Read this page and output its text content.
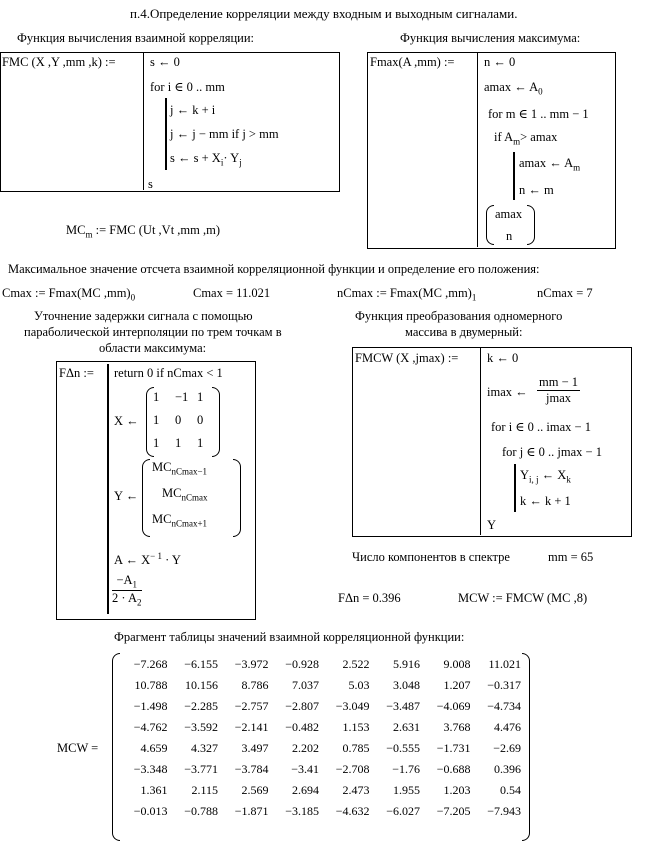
п.4.Определение корреляции между входным и выходным сигналами.
Функция вычисления взаимной корреляции:
FMC (X ,Y ,mm ,k) :=	s ← 0
for i ∈ 0 .. mm
j ← k + i
j ← j − mm if j > mm
s ← $s + X_i\cdot Y_j$
s
Функция вычисления максимума:
Fmax(A ,mm) := n ← 0
amax ← $A_0$
for m ∈ 1 .. mm − 1
if $A_m> amax$
amax ← $A_m$
n ← m
amax
n
$MC_m$ := FMC (Ut ,Vt ,mm ,m)
Максимальное значение отсчета взаимной корреляционной функции и определение его положения:
Cmax := Fmax(MC $,mm)_0$	Cmax = 11.021	nCmax := Fmax(MC $,mm)_1$	nCmax = 7
Уточнение задержки сигнала с помощью
параболической интерполяции по трем точкам в
области максимума:
FΔn := return 0 if nCmax < 1
X ←
1 −1 1
1 0 0
1 1 1
Y ←
$MC_{nCmax-1}$
$MC_{nCmax}$
$MC_{nCmax+1}$
A ← $X^{- 1} \cdot Y$
$\frac{-A_1}{2 \cdot A_2}$
Функция преобразования одномерного
массива в двумерный:
FMCW (X ,jmax) := k ← 0
imax ←
mm − 1
jmax
for i ∈ 0 .. imax − 1
for j ∈ 0 .. jmax − 1
$Y_{i, j}$ ← $X_k$
k ← k + 1
Y
Число компонентов в спектре	mm = 65
FΔn = 0.396	MCW := FMCW (MC ,8)
Фрагмент таблицы значений взаимной корреляционной функции:
MCW =
−7.268	−6.155	−3.972	−0.928	2.522	5.916	9.008	11.021
10.788	10.156	8.786	7.037	5.03	3.048	1.207	−0.317
−1.498	−2.285	−2.757	−2.807	−3.049	−3.487	−4.069	−4.734
−4.762	−3.592	−2.141	−0.482	1.153	2.631	3.768	4.476
4.659	4.327	3.497	2.202	0.785	−0.555	−1.731	−2.69
−3.348	−3.771	−3.784	−3.41	−2.708	−1.76	−0.688	0.396
1.361	2.115	2.569	2.694	2.473	1.955	1.203	0.54
−0.013	−0.788	−1.871	−3.185	−4.632	−6.027	−7.205	−7.943
